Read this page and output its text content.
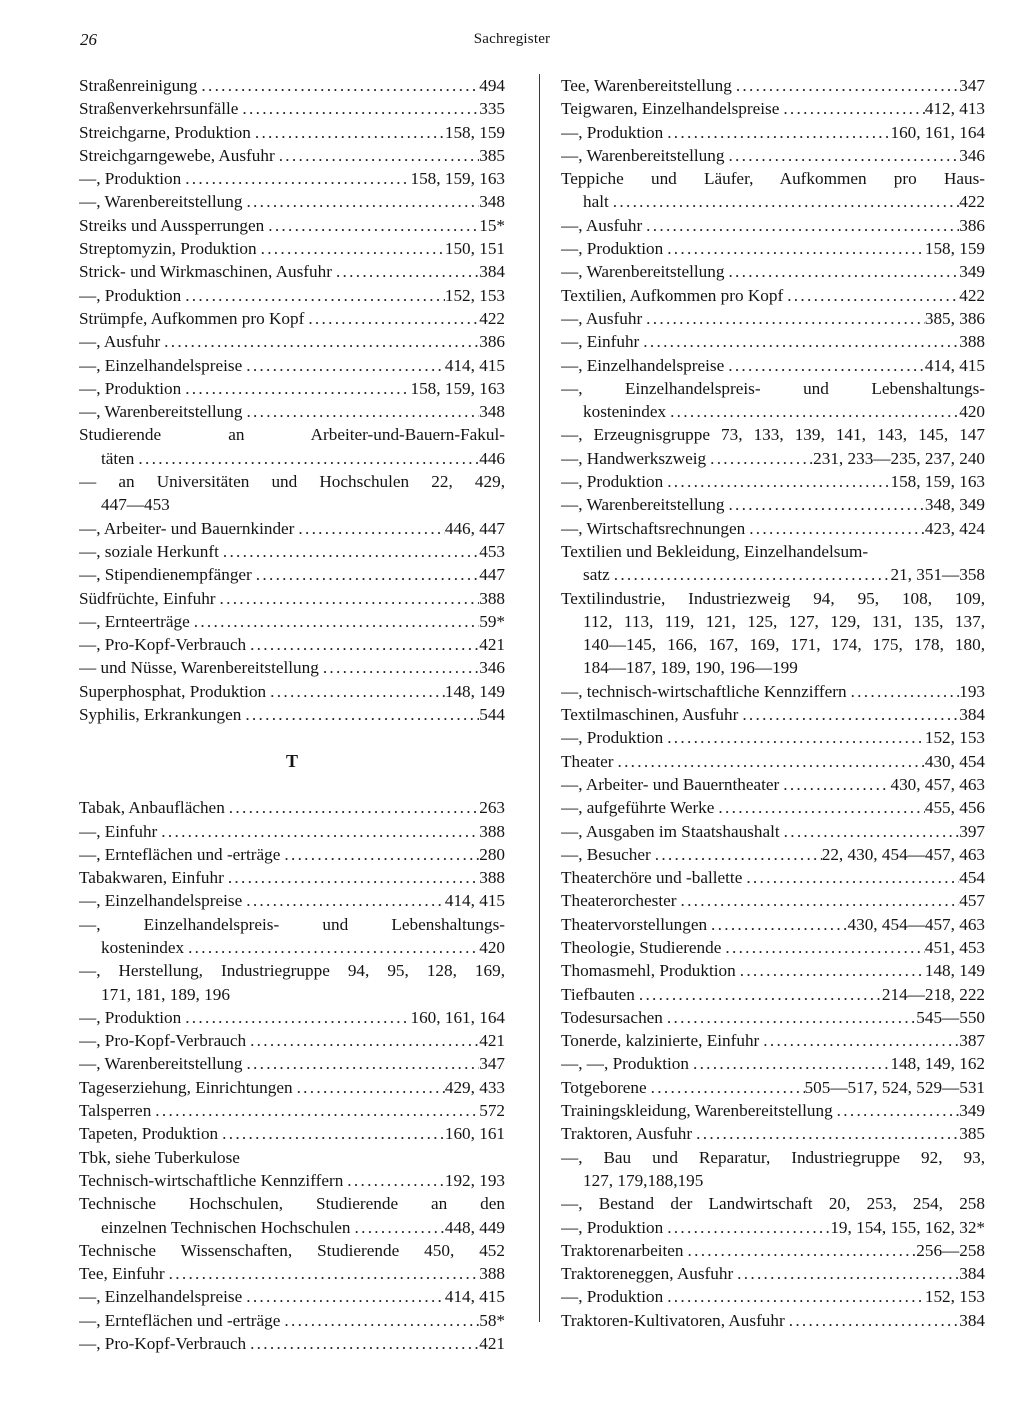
26	Sachregister
Straßenreinigung .....	494
Straßenverkehrsunfälle .....	335
Streichgarne, Produktion .....	158, 159
Streichgarngewebe, Ausfuhr .....	385
—, Produktion .....	158, 159, 163
—, Warenbereitstellung .....	348
Streiks und Aussperrungen .....	15*
Streptomyzin, Produktion .....	150, 151
Strick- und Wirkmaschinen, Ausfuhr .....	384
—, Produktion .....	152, 153
Strümpfe, Aufkommen pro Kopf .....	422
—, Ausfuhr .....	386
—, Einzelhandelspreise .....	414, 415
—, Produktion .....	158, 159, 163
—, Warenbereitstellung .....	348
Studierende an Arbeiter-und-Bauern-Fakul-
täten .....	446
— an Universitäten und Hochschulen 22, 429,
447—453
—, Arbeiter- und Bauernkinder .....	446, 447
—, soziale Herkunft .....	453
—, Stipendienempfänger .....	447
Südfrüchte, Einfuhr .....	388
—, Ernteerträge .....	59*
—, Pro-Kopf-Verbrauch .....	421
— und Nüsse, Warenbereitstellung .....	346
Superphosphat, Produktion .....	148, 149
Syphilis, Erkrankungen .....	544
T
Tabak, Anbauflächen .....	263
—, Einfuhr .....	388
—, Ernteflächen und -erträge .....	280
Tabakwaren, Einfuhr .....	388
—, Einzelhandelspreise .....	414, 415
—, Einzelhandelspreis- und Lebenshaltungs-
kostenindex .....	420
—, Herstellung, Industriegruppe 94, 95, 128, 169,
171, 181, 189, 196
—, Produktion .....	160, 161, 164
—, Pro-Kopf-Verbrauch .....	421
—, Warenbereitstellung .....	347
Tageserziehung, Einrichtungen .....	429, 433
Talsperren .....	572
Tapeten, Produktion .....	160, 161
Tbk, siehe Tuberkulose
Technisch-wirtschaftliche Kennziffern .....	192, 193
Technische Hochschulen, Studierende an den
einzelnen Technischen Hochschulen .....	448, 449
Technische Wissenschaften, Studierende 450, 452
Tee, Einfuhr .....	388
—, Einzelhandelspreise .....	414, 415
—, Ernteflächen und -erträge .....	58*
—, Pro-Kopf-Verbrauch .....	421
Tee, Warenbereitstellung .....	347
Teigwaren, Einzelhandelspreise .....	412, 413
—, Produktion .....	160, 161, 164
—, Warenbereitstellung .....	346
Teppiche und Läufer, Aufkommen pro Haus-
halt .....	422
—, Ausfuhr .....	386
—, Produktion .....	158, 159
—, Warenbereitstellung .....	349
Textilien, Aufkommen pro Kopf .....	422
—, Ausfuhr .....	385, 386
—, Einfuhr .....	388
—, Einzelhandelspreise .....	414, 415
—, Einzelhandelspreis- und Lebenshaltungs-
kostenindex .....	420
—, Erzeugnisgruppe 73, 133, 139, 141, 143, 145, 147
—, Handwerkszweig .....	231, 233—235, 237, 240
—, Produktion .....	158, 159, 163
—, Warenbereitstellung .....	348, 349
—, Wirtschaftsrechnungen .....	423, 424
Textilien und Bekleidung, Einzelhandelsum-
satz .....	21, 351—358
Textilindustrie, Industriezweig 94, 95, 108, 109,
112, 113, 119, 121, 125, 127, 129, 131, 135, 137,
140—145, 166, 167, 169, 171, 174, 175, 178, 180,
184—187, 189, 190, 196—199
—, technisch-wirtschaftliche Kennziffern .....	193
Textilmaschinen, Ausfuhr .....	384
—, Produktion .....	152, 153
Theater .....	430, 454
—, Arbeiter- und Bauerntheater .....	430, 457, 463
—, aufgeführte Werke .....	455, 456
—, Ausgaben im Staatshaushalt .....	397
—, Besucher .....	22, 430, 454—457, 463
Theaterchöre und -ballette .....	454
Theaterorchester .....	457
Theatervorstellungen .....	430, 454—457, 463
Theologie, Studierende .....	451, 453
Thomasmehl, Produktion .....	148, 149
Tiefbauten .....	214—218, 222
Todesursachen .....	545—550
Tonerde, kalzinierte, Einfuhr .....	387
—, —, Produktion .....	148, 149, 162
Totgeborene .....	505—517, 524, 529—531
Trainingskleidung, Warenbereitstellung .....	349
Traktoren, Ausfuhr .....	385
—, Bau und Reparatur, Industriegruppe 92, 93,
127, 179,188,195
—, Bestand der Landwirtschaft 20, 253, 254, 258
—, Produktion .....	19, 154, 155, 162, 32*
Traktorenarbeiten .....	256—258
Traktoreneggen, Ausfuhr .....	384
—, Produktion .....	152, 153
Traktoren-Kultivatoren, Ausfuhr .....	384
